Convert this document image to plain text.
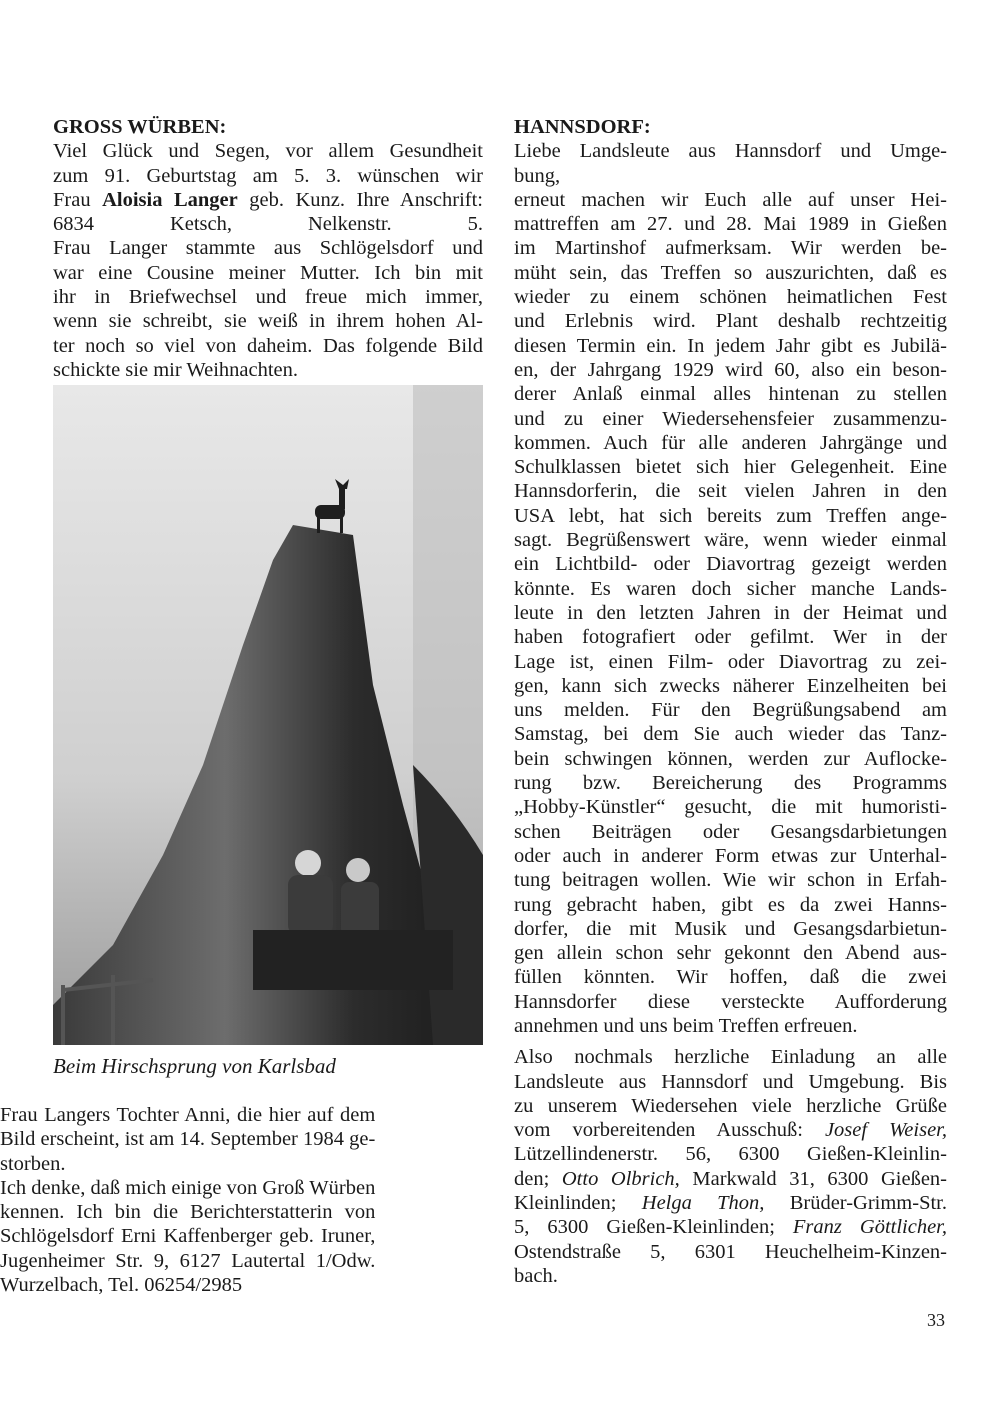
GROSS WÜRBEN:
Viel Glück und Segen, vor allem Gesundheit
zum 91. Geburtstag am 5. 3. wünschen wir
Frau Aloisia Langer geb. Kunz. Ihre Anschrift:
6834 Ketsch, Nelkenstr. 5.
Frau Langer stammte aus Schlögelsdorf und
war eine Cousine meiner Mutter. Ich bin mit
ihr in Briefwechsel und freue mich immer,
wenn sie schreibt, sie weiß in ihrem hohen Al-
ter noch so viel von daheim. Das folgende Bild
schickte sie mir Weihnachten.
Beim Hirschsprung von Karlsbad
Frau Langers Tochter Anni, die hier auf dem
Bild erscheint, ist am 14. September 1984 ge-
storben.
Ich denke, daß mich einige von Groß Würben
kennen. Ich bin die Berichterstatterin von
Schlögelsdorf Erni Kaffenberger geb. Iruner,
Jugenheimer Str. 9, 6127 Lautertal 1/Odw.
Wurzelbach, Tel. 06254/2985
HANNSDORF:
Liebe Landsleute aus Hannsdorf und Umge-
bung,
erneut machen wir Euch alle auf unser Hei-
mattreffen am 27. und 28. Mai 1989 in Gießen
im Martinshof aufmerksam. Wir werden be-
müht sein, das Treffen so auszurichten, daß es
wieder zu einem schönen heimatlichen Fest
und Erlebnis wird. Plant deshalb rechtzeitig
diesen Termin ein. In jedem Jahr gibt es Jubilä-
en, der Jahrgang 1929 wird 60, also ein beson-
derer Anlaß einmal alles hintenan zu stellen
und zu einer Wiedersehensfeier zusammenzu-
kommen. Auch für alle anderen Jahrgänge und
Schulklassen bietet sich hier Gelegenheit. Eine
Hannsdorferin, die seit vielen Jahren in den
USA lebt, hat sich bereits zum Treffen ange-
sagt. Begrüßenswert wäre, wenn wieder einmal
ein Lichtbild- oder Diavortrag gezeigt werden
könnte. Es waren doch sicher manche Lands-
leute in den letzten Jahren in der Heimat und
haben fotografiert oder gefilmt. Wer in der
Lage ist, einen Film- oder Diavortrag zu zei-
gen, kann sich zwecks näherer Einzelheiten bei
uns melden. Für den Begrüßungsabend am
Samstag, bei dem Sie auch wieder das Tanz-
bein schwingen können, werden zur Auflocke-
rung bzw. Bereicherung des Programms
„Hobby-Künstler“ gesucht, die mit humoristi-
schen Beiträgen oder Gesangsdarbietungen
oder auch in anderer Form etwas zur Unterhal-
tung beitragen wollen. Wie wir schon in Erfah-
rung gebracht haben, gibt es da zwei Hanns-
dorfer, die mit Musik und Gesangsdarbietun-
gen allein schon sehr gekonnt den Abend aus-
füllen könnten. Wir hoffen, daß die zwei
Hannsdorfer diese versteckte Aufforderung
annehmen und uns beim Treffen erfreuen.
Also nochmals herzliche Einladung an alle
Landsleute aus Hannsdorf und Umgebung. Bis
zu unserem Wiedersehen viele herzliche Grüße
vom vorbereitenden Ausschuß: Josef Weiser,
Lützellindenerstr. 56, 6300 Gießen-Kleinlin-
den; Otto Olbrich, Markwald 31, 6300 Gießen-
Kleinlinden; Helga Thon, Brüder-Grimm-Str.
5, 6300 Gießen-Kleinlinden; Franz Göttlicher,
Ostendstraße 5, 6301 Heuchelheim-Kinzen-
bach.
33
